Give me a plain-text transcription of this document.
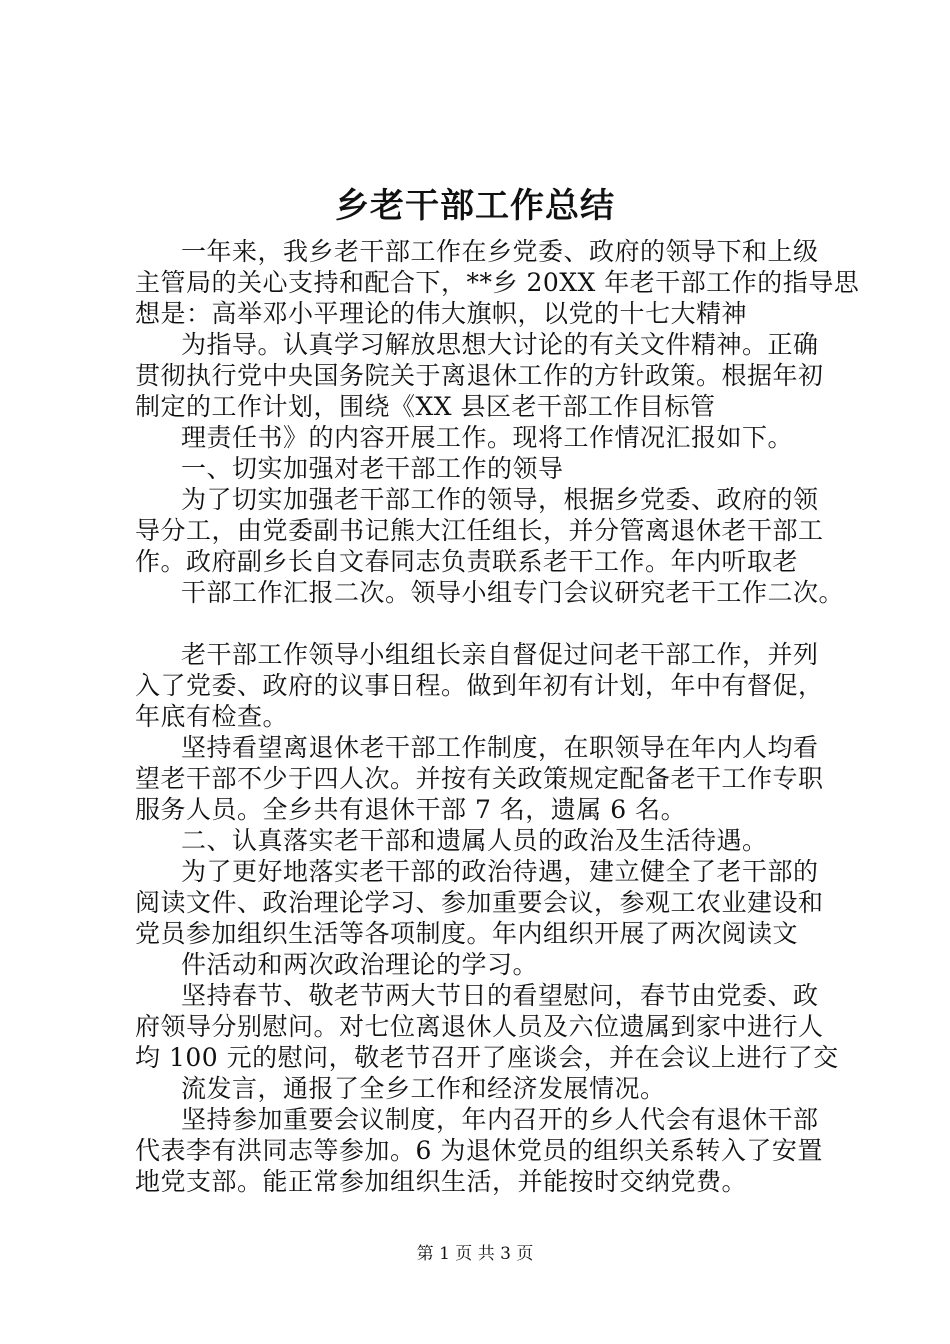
乡老干部工作总结
一年来，我乡老干部工作在乡党委、政府的领导下和上级
主管局的关心支持和配合下，**乡 20XX 年老干部工作的指导思
想是：高举邓小平理论的伟大旗帜，以党的十七大精神
为指导。认真学习解放思想大讨论的有关文件精神。正确
贯彻执行党中央国务院关于离退休工作的方针政策。根据年初
制定的工作计划，围绕《XX 县区老干部工作目标管
理责任书》的内容开展工作。现将工作情况汇报如下。
一、切实加强对老干部工作的领导
为了切实加强老干部工作的领导，根据乡党委、政府的领
导分工，由党委副书记熊大江任组长，并分管离退休老干部工
作。政府副乡长自文春同志负责联系老干工作。年内听取老
干部工作汇报二次。领导小组专门会议研究老干工作二次。
老干部工作领导小组组长亲自督促过问老干部工作，并列
入了党委、政府的议事日程。做到年初有计划，年中有督促，
年底有检查。
坚持看望离退休老干部工作制度，在职领导在年内人均看
望老干部不少于四人次。并按有关政策规定配备老干工作专职
服务人员。全乡共有退休干部 7 名，遗属 6 名。
二、认真落实老干部和遗属人员的政治及生活待遇。
为了更好地落实老干部的政治待遇，建立健全了老干部的
阅读文件、政治理论学习、参加重要会议，参观工农业建设和
党员参加组织生活等各项制度。年内组织开展了两次阅读文
件活动和两次政治理论的学习。
坚持春节、敬老节两大节日的看望慰问，春节由党委、政
府领导分别慰问。对七位离退休人员及六位遗属到家中进行人
均 100 元的慰问，敬老节召开了座谈会，并在会议上进行了交
流发言，通报了全乡工作和经济发展情况。
坚持参加重要会议制度，年内召开的乡人代会有退休干部
代表李有洪同志等参加。6 为退休党员的组织关系转入了安置
地党支部。能正常参加组织生活，并能按时交纳党费。
第 1 页 共 3 页
